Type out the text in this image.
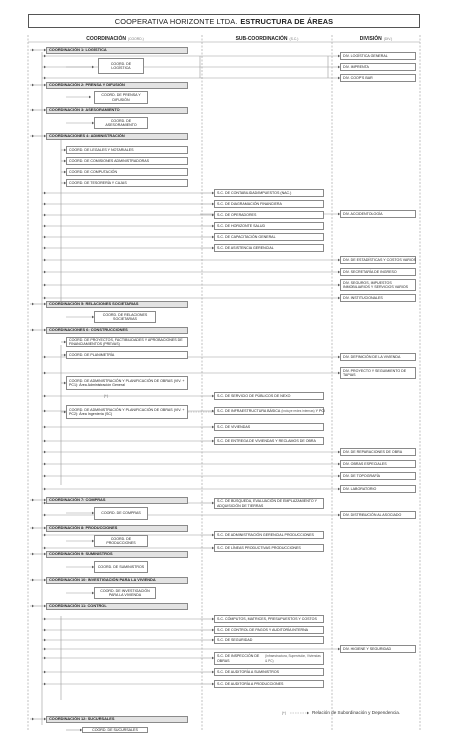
COOPERATIVA HORIZONTE LTDA. ESTRUCTURA DE ÁREAS
COORDINACIÓN (COORD.)	SUB-COORDINACIÓN (S.C.)	DIVISIÓN (DIV.)
COORDINACIÓN 1: LOGÍSTICA
COORDINACIÓN 2: PRENSA Y DIFUSIÓN
COORDINACIÓN 3: ASESORAMIENTO
COORDINACIONES 4: ADMINISTRACIÓN
COORDINACIÓN 5: RELACIONES SOCIETARIAS
COORDINACIONES 6: CONSTRUCCIONES
COORDINACIÓN 7: COMPRAS
COORDINACIÓN 8: PRODUCCIONES
COORDINACIÓN 9: SUMINISTROS
COORDINACIÓN 10: INVESTIGACIÓN PARA LA VIVIENDA
COORDINACIÓN 11: CONTROL
COORDINACIÓN 12: SUCURSALES
COORD. DE LOGÍSTICA
COORD. DE PRENSA Y DIFUSIÓN
COORD. DE ASESORAMIENTO
COORD. DE RELACIONES SOCIETARIAS
COORD. DE COMPRAS
COORD. DE PRODUCCIONES
COORD. DE SUMINISTROS
COORD. DE INVESTIGACIÓN PARA LA VIVIENDA
COORD. DE SUCURSALES
COORD. DE LEGALES Y NOTARIALES
COORD. DE COMISIONES ADMINISTRADORAS
COORD. DE COMPUTACIÓN
COORD. DE TESORERÍA Y CAJAS
COORD. DE PROYECTOS, FACTIBILIDADES Y APROBACIONES DE FINANCIAMIENTOS (PREVAS)
COORD. DE PLANIMETRÍA
COORD. DE ADMINISTRACIÓN Y PLANIFICACIÓN DE OBRAS (VIV. + PC1): Área Administración General
COORD. DE ADMINISTRACIÓN Y PLANIFICACIÓN DE OBRAS (VIV. + PC2): Área Ingeniería (SC)
(+)
S.C. DE CONTABILIDAD/IMPUESTOS (NAC.)
S.C. DE DIAGRAMACIÓN FINANCIERA
S.C. DE OPERADORES
S.C. DE HORIZONTE SALUD
S.C. DE CAPACITACIÓN GENERAL
S.C. DE ASISTENCIA GERENCIAL
S.C. DE SERVICIO DE PÚBLICOS DE NEXO
S.C. DE INFRAESTRUCTURA BÁSICA
(Incluye redes internas)
Y PCI
S.C. DE VIVIENDAS
S.C. DE ENTREGA DE VIVIENDAS Y RECLAMOS DE OBRA
S.C. DE BÚSQUEDA, EVALUACIÓN DE EMPLAZAMIENTO Y ADQUISICIÓN DE TIERRAS
S.C. DE ADMINISTRACIÓN GERENCIAL PRODUCCIONES
S.C. DE LÍNEAS PRODUCTIVAS PRODUCCIONES
S.C. CÓMPUTOS, MATRICES, PRESUPUESTOS Y COSTOS
S.C. DE CONTROL DE PAGOS Y AUDITORÍA INTERNA
S.C. DE SEGURIDAD
S.C. DE INSPECCIÓN DE OBRAS
(Infraestructura, Supervisión, Viviendas & PC)
S.C. DE AUDITORÍA A SUMINISTROS
S.C. DE AUDITORÍA A PRODUCCIONES
DIV. LOGÍSTICA GENERAL
DIV. IMPRENTA
DIV. COOP'S BAR
DIV. ACCIDENTOLOGÍA
DIV. DE ESTADÍSTICAS Y COSTOS VARIOS
DIV. SECRETARÍA DE INGRESO
DIV. SEGUROS, IMPUESTOS INMOBILIARIOS Y SERVICIOS VARIOS
DIV. INSTITUCIONALES
DIV. DEFINICIÓN DE LA VIVIENDA
DIV. PROYECTO Y SEGUIMIENTO DE TAPIAS
DIV. DE REPARACIONES DE OBRA
DIV. OBRAS ESPECIALES
DIV. DE TOPOGRAFÍA
DIV. LABORATORIO
DIV. DISTRIBUCIÓN AL ASOCIADO
DIV. HIGIENE Y SEGURIDAD
(+)	Relación de Subordinación y Dependencia.
